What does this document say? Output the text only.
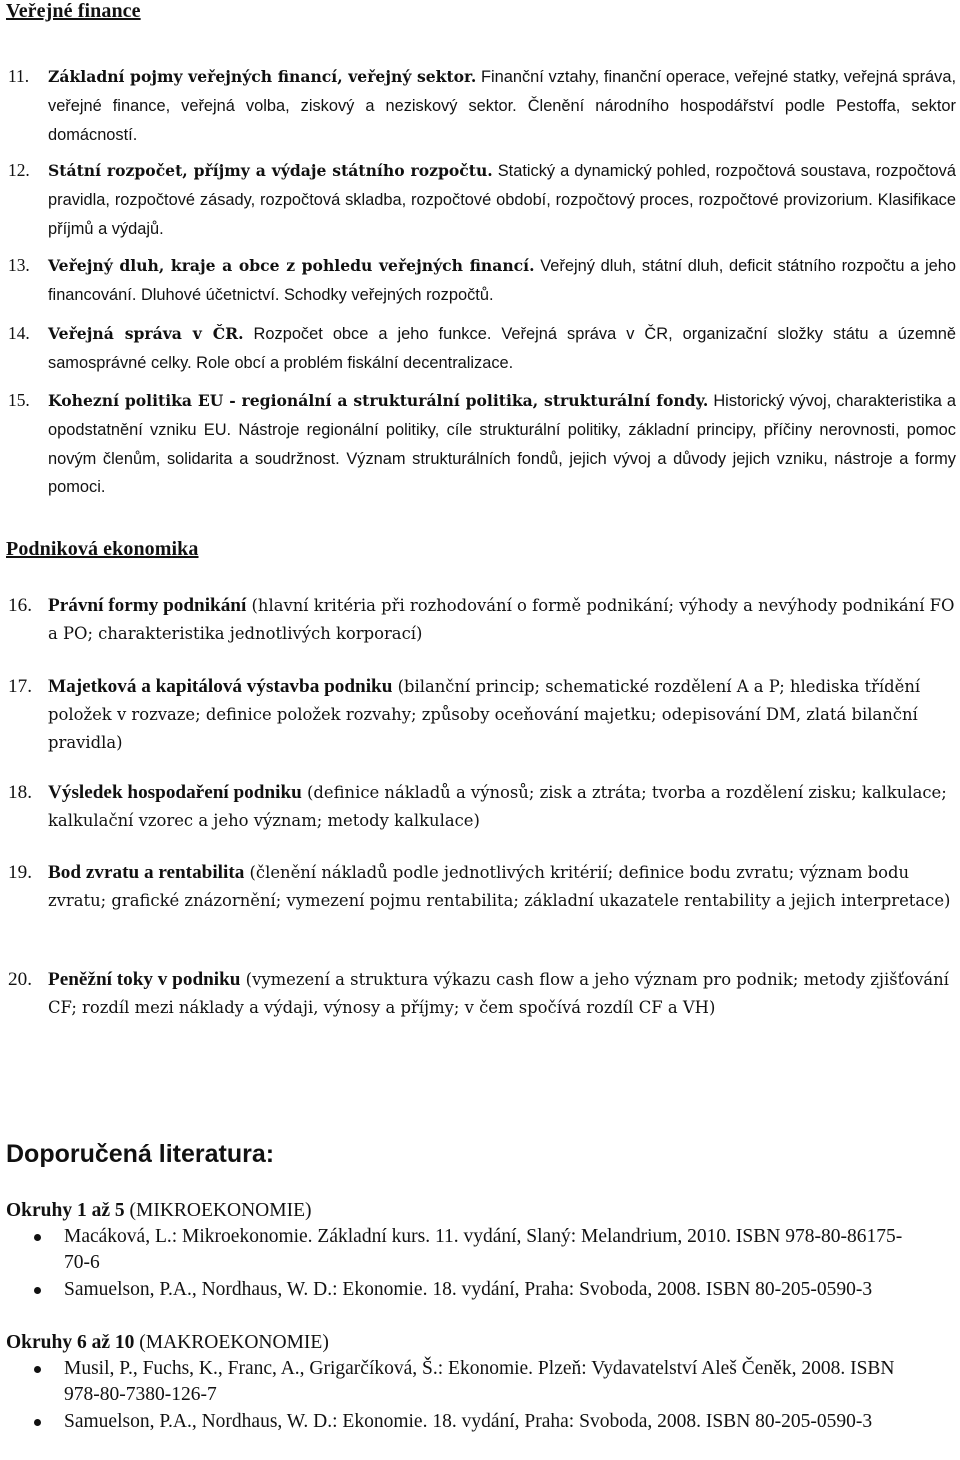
Veřejné finance
11. Základní pojmy veřejných financí, veřejný sektor. Finanční vztahy, finanční operace, veřejné statky, veřejná správa, veřejné finance, veřejná volba, ziskový a neziskový sektor. Členění národního hospodářství podle Pestoffa, sektor domácností.
12. Státní rozpočet, příjmy a výdaje státního rozpočtu. Statický a dynamický pohled, rozpočtová soustava, rozpočtová pravidla, rozpočtové zásady, rozpočtová skladba, rozpočtové období, rozpočtový proces, rozpočtové provizorium. Klasifikace příjmů a výdajů.
13. Veřejný dluh, kraje a obce z pohledu veřejných financí. Veřejný dluh, státní dluh, deficit státního rozpočtu a jeho financování. Dluhové účetnictví. Schodky veřejných rozpočtů.
14. Veřejná správa v ČR. Rozpočet obce a jeho funkce. Veřejná správa v ČR, organizační složky státu a územně samosprávné celky. Role obcí a problém fiskální decentralizace.
15. Kohezní politika EU - regionální a strukturální politika, strukturální fondy. Historický vývoj, charakteristika a opodstatnění vzniku EU. Nástroje regionální politiky, cíle strukturální politiky, základní principy, příčiny nerovnosti, pomoc novým členům, solidarita a soudržnost. Význam strukturálních fondů, jejich vývoj a důvody jejich vzniku, nástroje a formy pomoci.
Podniková ekonomika
16. Právní formy podnikání (hlavní kritéria při rozhodování o formě podnikání; výhody a nevýhody podnikání FO a PO; charakteristika jednotlivých korporací)
17. Majetková a kapitálová výstavba podniku (bilanční princip; schematické rozdělení A a P; hlediska třídění položek v rozvaze; definice položek rozvahy; způsoby oceňování majetku; odepisování DM, zlatá bilanční pravidla)
18. Výsledek hospodaření podniku (definice nákladů a výnosů; zisk a ztráta; tvorba a rozdělení zisku; kalkulace; kalkulační vzorec a jeho význam; metody kalkulace)
19. Bod zvratu a rentabilita (členění nákladů podle jednotlivých kritérií; definice bodu zvratu; význam bodu zvratu; grafické znázornění; vymezení pojmu rentabilita; základní ukazatele rentability a jejich interpretace)
20. Peněžní toky v podniku (vymezení a struktura výkazu cash flow a jeho význam pro podnik; metody zjišťování CF; rozdíl mezi náklady a výdaji, výnosy a příjmy; v čem spočívá rozdíl CF a VH)
Doporučená literatura:
Okruhy 1 až 5 (MIKROEKONOMIE)
Macáková, L.: Mikroekonomie. Základní kurs. 11. vydání, Slaný: Melandrium, 2010. ISBN 978-80-86175-70-6
Samuelson, P.A., Nordhaus, W. D.: Ekonomie. 18. vydání, Praha: Svoboda, 2008. ISBN 80-205-0590-3
Okruhy 6 až 10 (MAKROEKONOMIE)
Musil, P., Fuchs, K., Franc, A., Grigarčíková, Š.: Ekonomie. Plzeň: Vydavatelství Aleš Čeněk, 2008. ISBN 978-80-7380-126-7
Samuelson, P.A., Nordhaus, W. D.: Ekonomie. 18. vydání, Praha: Svoboda, 2008. ISBN 80-205-0590-3
